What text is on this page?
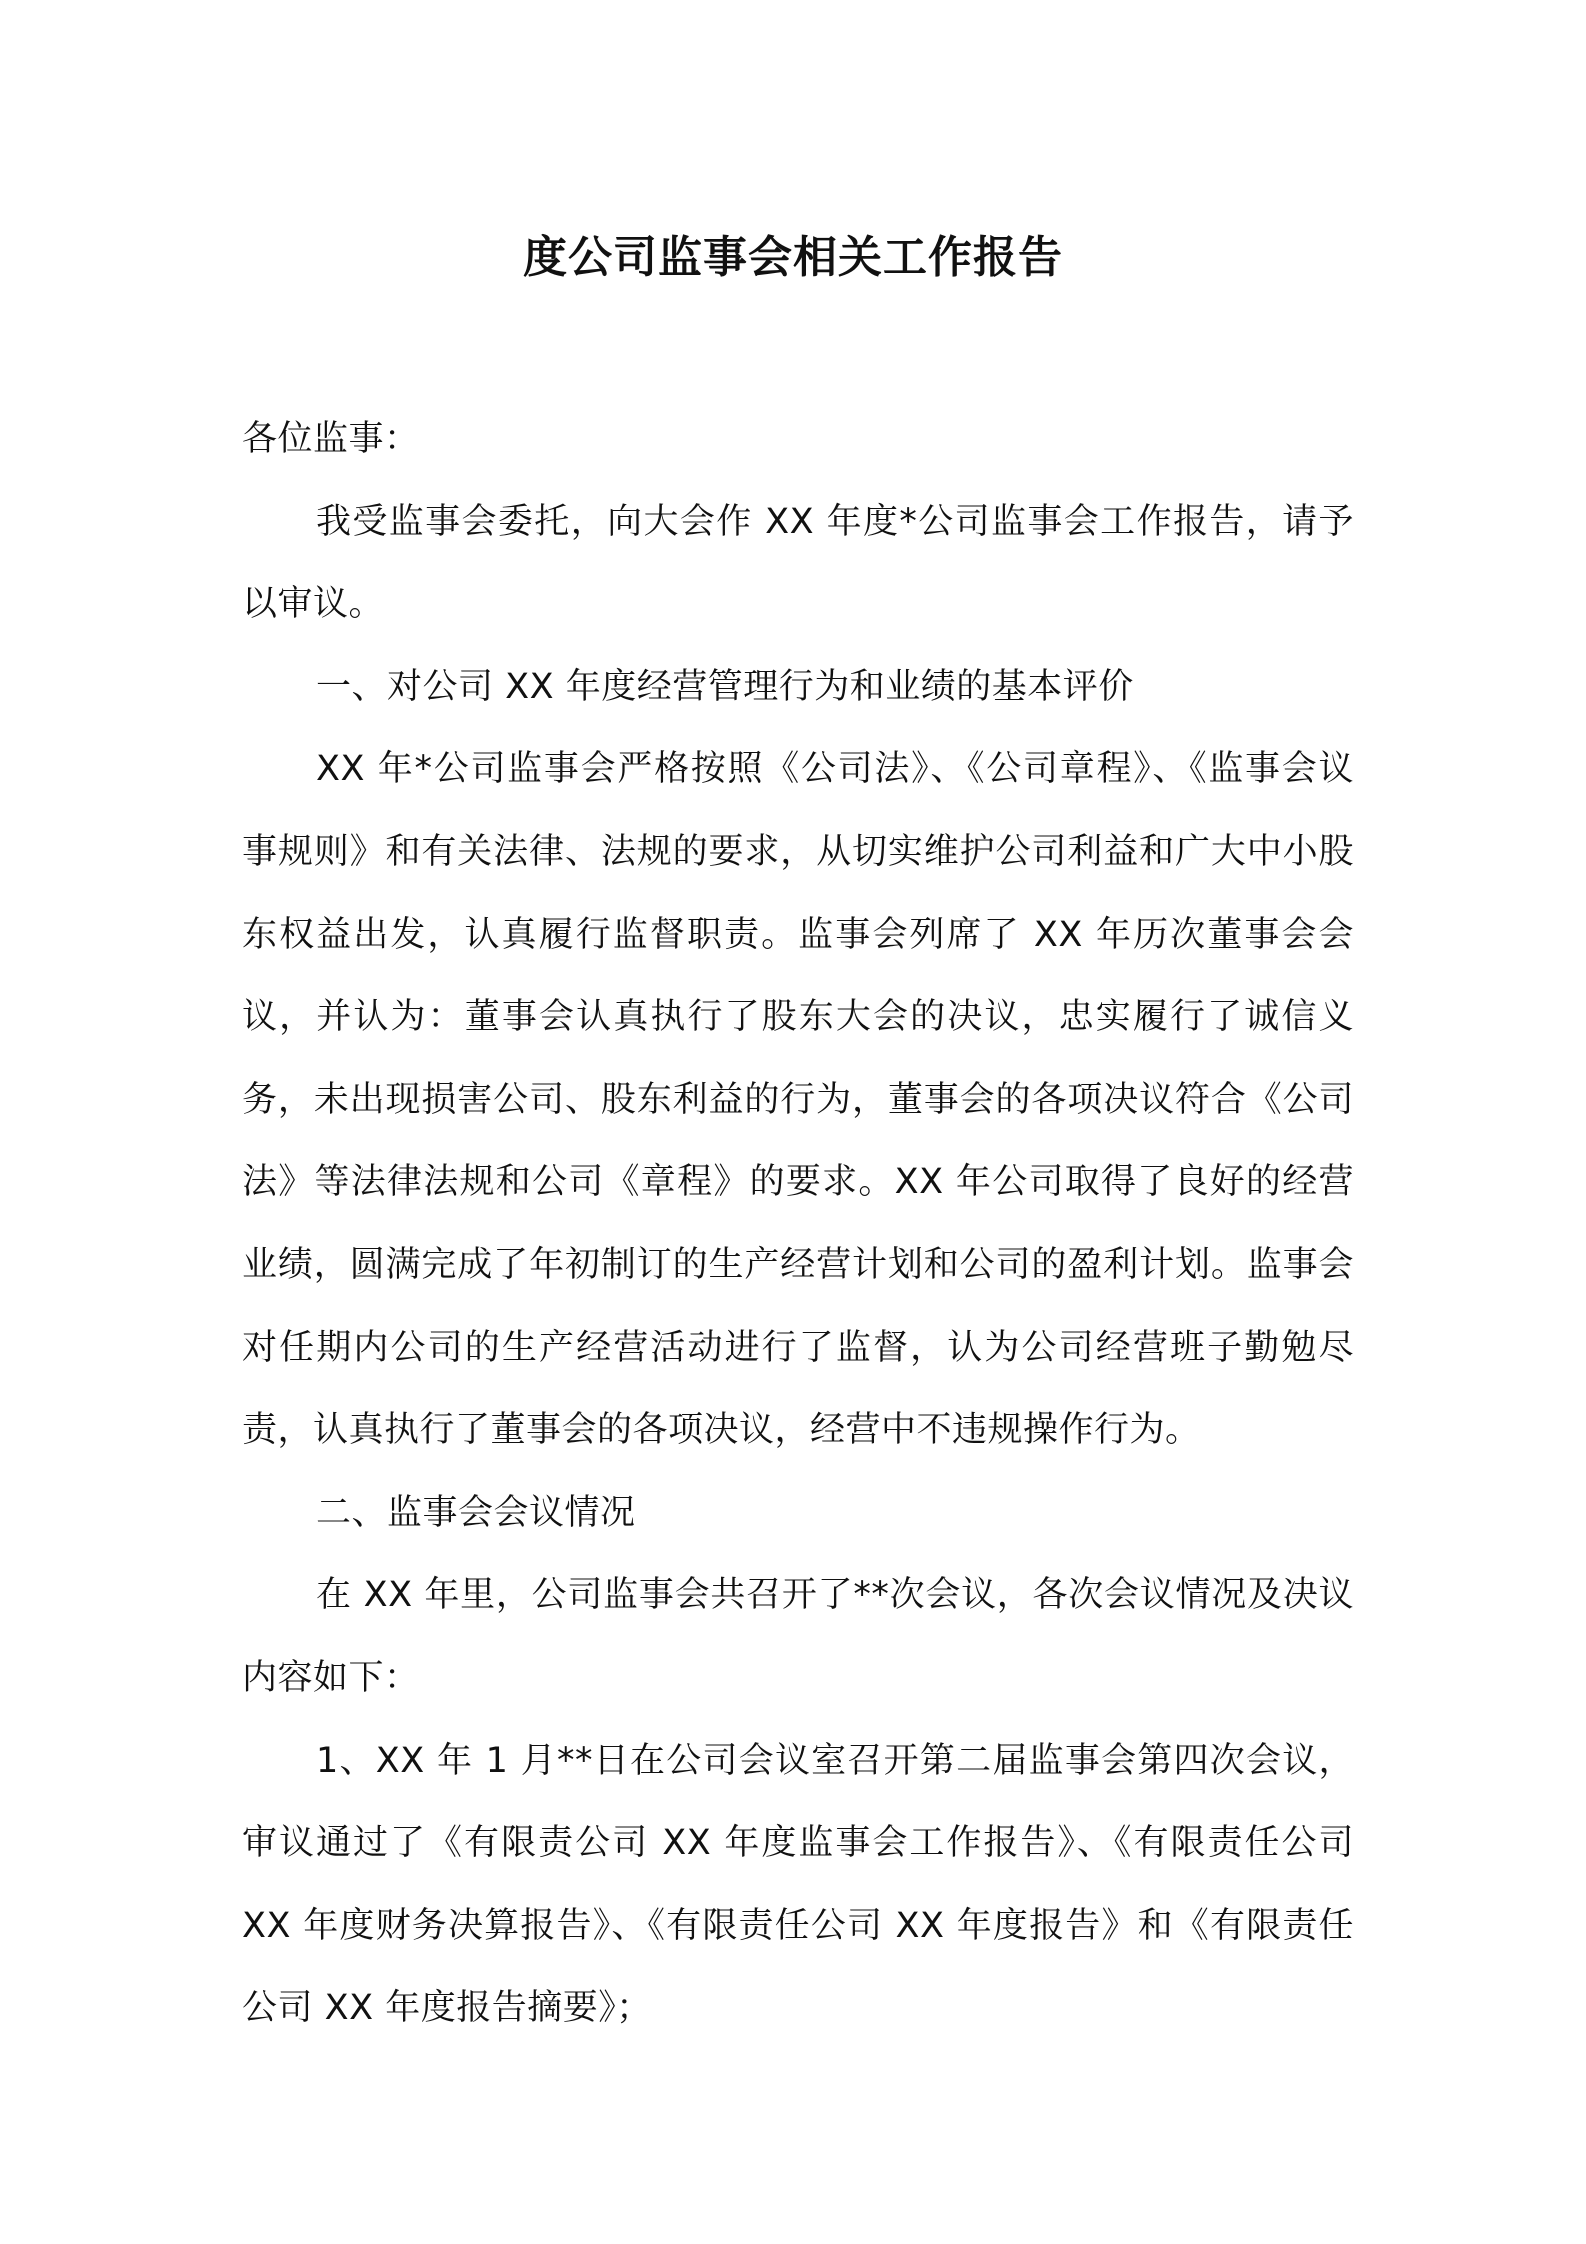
度公司监事会相关工作报告

各位监事：

我受监事会委托，向大会作 XX 年度*公司监事会工作报告，请予以审议。

一、对公司 XX 年度经营管理行为和业绩的基本评价

XX 年*公司监事会严格按照《公司法》、《公司章程》、《监事会议事规则》和有关法律、法规的要求，从切实维护公司利益和广大中小股东权益出发，认真履行监督职责。监事会列席了 XX 年历次董事会会议，并认为：董事会认真执行了股东大会的决议，忠实履行了诚信义务，未出现损害公司、股东利益的行为，董事会的各项决议符合《公司法》等法律法规和公司《章程》的要求。XX 年公司取得了良好的经营业绩，圆满完成了年初制订的生产经营计划和公司的盈利计划。监事会对任期内公司的生产经营活动进行了监督，认为公司经营班子勤勉尽责，认真执行了董事会的各项决议，经营中不违规操作行为。

二、监事会会议情况

在 XX 年里，公司监事会共召开了**次会议，各次会议情况及决议内容如下：

1、XX 年 1 月**日在公司会议室召开第二届监事会第四次会议，审议通过了《有限责公司 XX 年度监事会工作报告》、《有限责任公司 XX 年度财务决算报告》、《有限责任公司 XX 年度报告》和《有限责任公司 XX 年度报告摘要》；
